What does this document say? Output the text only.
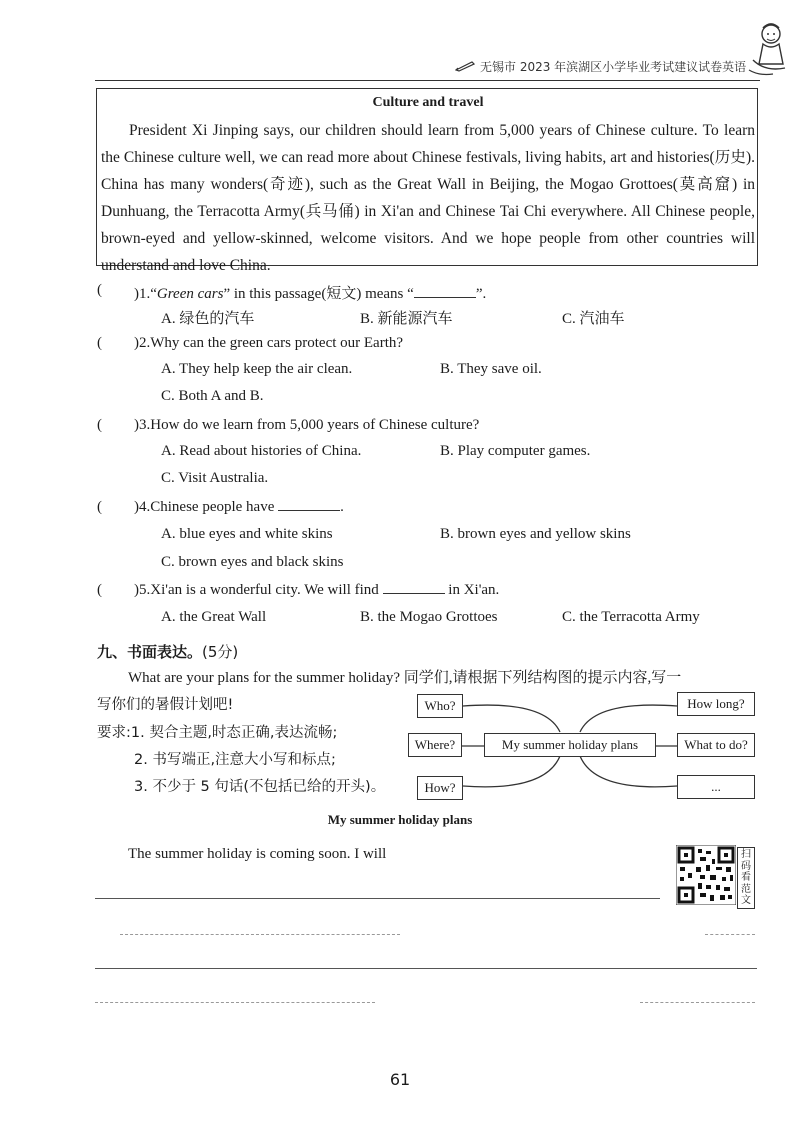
无锡市 2023 年滨湖区小学毕业考试建议试卷英语
Culture and travel
President Xi Jinping says, our children should learn from 5,000 years of Chinese culture. To learn the Chinese culture well, we can read more about Chinese festivals, living habits, art and histories(历史). China has many wonders(奇迹), such as the Great Wall in Beijing, the Mogao Grottoes(莫高窟) in Dunhuang, the Terracotta Army(兵马俑) in Xi'an and Chinese Tai Chi everywhere. All Chinese people, brown-eyed and yellow-skinned, welcome visitors. And we hope people from other countries will understand and love China.
( )1.“Green cars” in this passage(短文) means “	”.
A. 绿色的汽车	B. 新能源汽车	C. 汽油车
( )2.Why can the green cars protect our Earth?
A. They help keep the air clean.	B. They save oil.
C. Both A and B.
( )3.How do we learn from 5,000 years of Chinese culture?
A. Read about histories of China.	B. Play computer games.
C. Visit Australia.
( )4.Chinese people have	.
A. blue eyes and white skins	B. brown eyes and yellow skins
C. brown eyes and black skins
( )5.Xi'an is a wonderful city. We will find	in Xi'an.
A. the Great Wall	B. the Mogao Grottoes	C. the Terracotta Army
九、书面表达。(5分)
What are your plans for the summer holiday? 同学们,请根据下列结构图的提示内容,写一
写你们的暑假计划吧!
要求:1. 契合主题,时态正确,表达流畅;
2. 书写端正,注意大小写和标点;
3. 不少于 5 句话(不包括已给的开头)。
Who?
Where?
How?
My summer holiday plans
How long?
What to do?
...
My summer holiday plans
The summer holiday is coming soon. I will	扫码看范文
61
